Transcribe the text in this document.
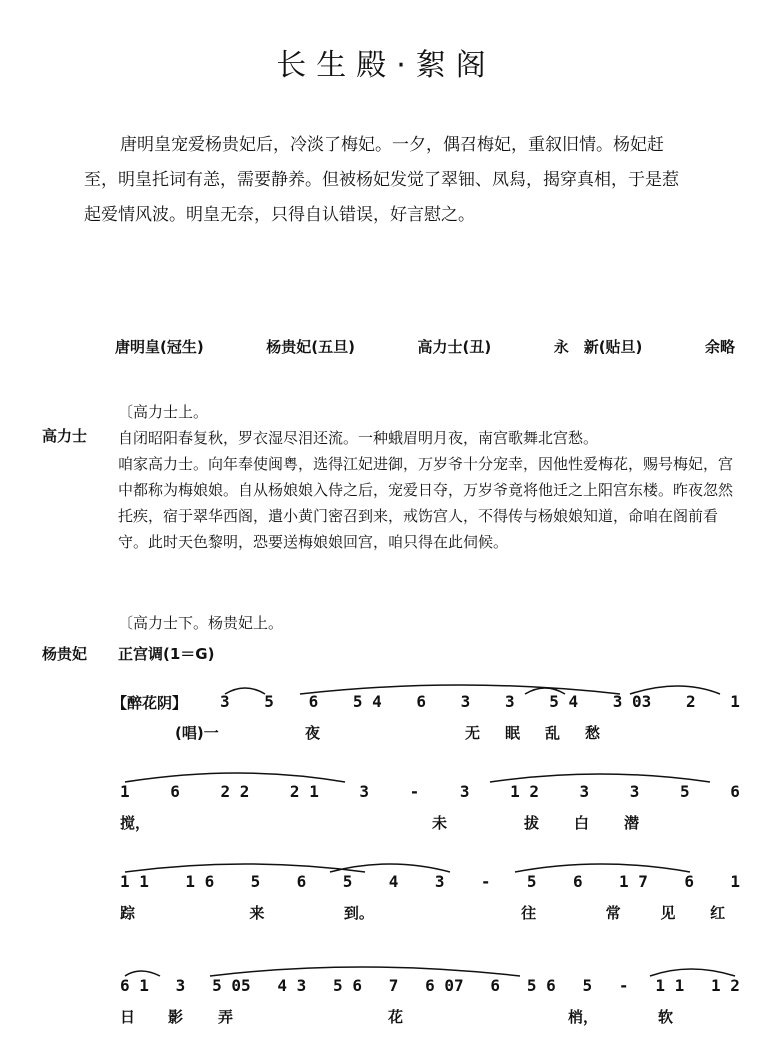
长生殿·絮阁

唐明皇宠爱杨贵妃后，冷淡了梅妃。一夕，偶召梅妃，重叙旧情。杨妃赶至，明皇托词有恙，需要静养。但被杨妃发觉了翠钿、凤舄，揭穿真相，于是惹起爱情风波。明皇无奈，只得自认错误，好言慰之。

唐明皇(冠生)	杨贵妃(五旦)	高力士(丑)	永　新(贴旦)	余略
〔高力士上。
高力士 自闭昭阳春复秋，罗衣湿尽泪还流。一种蛾眉明月夜，南宫歌舞北宫愁。

咱家高力士。向年奉使闽粤，选得江妃进御，万岁爷十分宠幸，因他性爱梅花，赐号梅妃，宫中都称为梅娘娘。自从杨娘娘入侍之后，宠爱日夺，万岁爷竟将他迁之上阳宫东楼。昨夜忽然托疾，宿于翠华西阁，遣小黄门密召到来，戒饬宫人，不得传与杨娘娘知道，命咱在阁前看守。此时天色黎明，恐要送梅娘娘回宫，咱只得在此伺候。

〔高力士下。杨贵妃上。
杨贵妃 正宫调(1＝G)
【醉花阴】 3 5 6 5 4 6 3 3 5 4 3 03 2 1
(唱)一	夜	无	眠	乱	愁
1	6	2 2	2 1	3	-	3	1 2	3	3	5	6
搅，	未	拔	白	潜
1 1 1 6 5 6 5 4 3 - 5 6 1 7 6 1
踪	来	到。	往	常	见	红
6 1 3 5 05 4 3 5 6 7 6 07 6 5 6 5 - 1 1 1 2
日	影	弄	花	梢，	软
